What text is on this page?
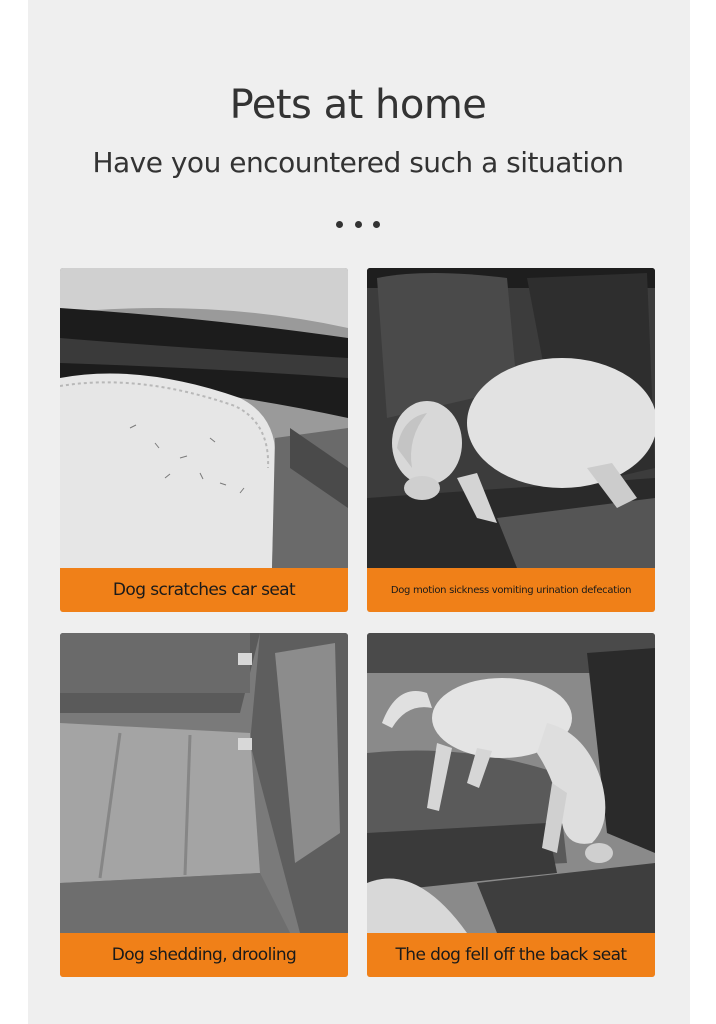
Pets at home
Have you encountered such a situation
Dog scratches car seat	Dog motion sickness vomiting urination defecation
Dog shedding, drooling	The dog fell off the back seat
